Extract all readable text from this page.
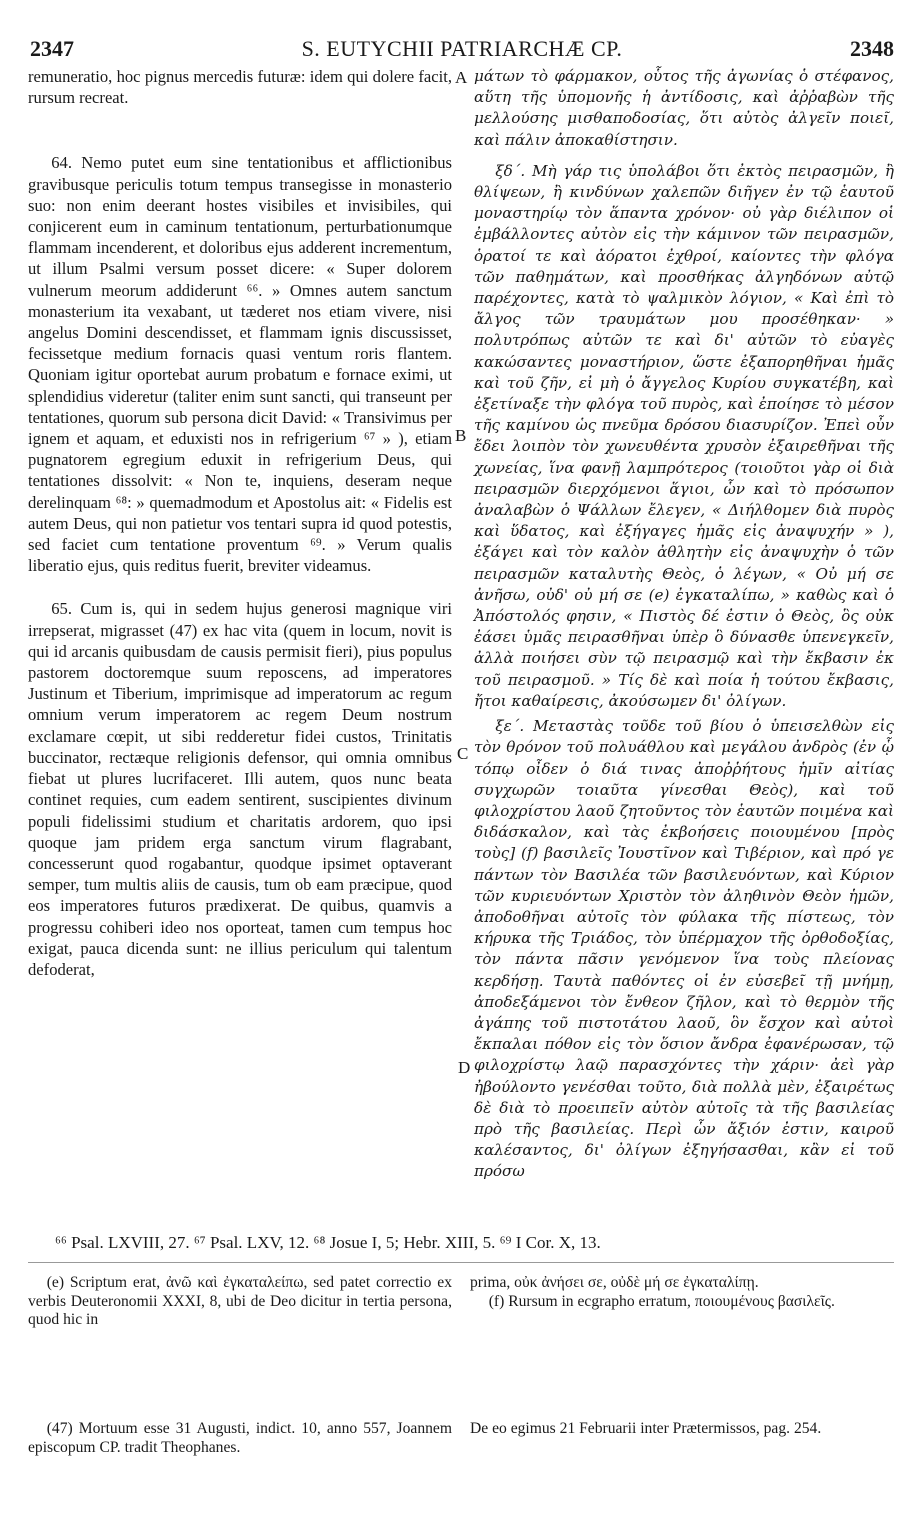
2347	S. EUTYCHII PATRIARCHÆ CP.	2348

remuneratio, hoc pignus mercedis futuræ: idem qui dolere facit, rursum recreat.

64. Nemo putet eum sine tentationibus et afflictionibus gravibusque periculis totum tempus transegisse in monasterio suo: non enim deerant hostes visibiles et invisibiles, qui conjicerent eum in caminum tentationum, perturbationumque flammam incenderent, et doloribus ejus adderent incrementum, ut illum Psalmi versum posset dicere: « Super dolorem vulnerum meorum addiderunt ⁶⁶. » Omnes autem sanctum monasterium ita vexabant, ut tæderet nos etiam vivere, nisi angelus Domini descendisset, et flammam ignis discussisset, fecissetque medium fornacis quasi ventum roris flantem. Quoniam igitur oportebat aurum probatum e fornace eximi, ut splendidius videretur (taliter enim sunt sancti, qui transeunt per tentationes, quorum sub persona dicit David: « Transivimus per ignem et aquam, et eduxisti nos in refrigerium ⁶⁷ » ), etiam pugnatorem egregium eduxit in refrigerium Deus, qui tentationes dissolvit: « Non te, inquiens, deseram neque derelinquam ⁶⁸: » quemadmodum et Apostolus ait: « Fidelis est autem Deus, qui non patietur vos tentari supra id quod potestis, sed faciet cum tentatione proventum ⁶⁹. » Verum qualis liberatio ejus, quis reditus fuerit, breviter videamus.

65. Cum is, qui in sedem hujus generosi magnique viri irrepserat, migrasset (47) ex hac vita (quem in locum, novit is qui id arcanis quibusdam de causis permisit fieri), pius populus pastorem doctoremque suum reposcens, ad imperatores Justinum et Tiberium, imprimisque ad imperatorum ac regum omnium verum imperatorem ac regem Deum nostrum exclamare cœpit, ut sibi redderetur fidei custos, Trinitatis buccinator, rectæque religionis defensor, qui omnia omnibus fiebat ut plures lucrifaceret. Illi autem, quos nunc beata continet requies, cum eadem sentirent, suscipientes divinum populi fidelissimi studium et charitatis ardorem, quo ipsi quoque jam pridem erga sanctum virum flagrabant, concesserunt quod rogabantur, quodque ipsimet optaverant semper, tum multis aliis de causis, tum ob eam præcipue, quod eos imperatores futuros prædixerat. De quibus, quamvis a progressu cohiberi ideo nos oporteat, tamen cum tempus hoc exigat, pauca dicenda sunt: ne illius periculum qui talentum defoderat,

A
B
C
D

μάτων τὸ φάρμακον, οὗτος τῆς ἀγωνίας ὁ στέφανος, αὕτη τῆς ὑπομονῆς ἡ ἀντίδοσις, καὶ ἀῤῥαβὼν τῆς μελλούσης μισθαποδοσίας, ὅτι αὐτὸς ἀλγεῖν ποιεῖ, καὶ πάλιν ἀποκαθίστησιν.

ξδ΄. Μὴ γάρ τις ὑπολάβοι ὅτι ἐκτὸς πειρασμῶν, ἢ θλίψεων, ἢ κινδύνων χαλεπῶν διῆγεν ἐν τῷ ἑαυτοῦ μοναστηρίῳ τὸν ἅπαντα χρόνον· οὐ γὰρ διέλιπον οἱ ἐμβάλλοντες αὐτὸν εἰς τὴν κάμινον τῶν πειρασμῶν, ὁρατοί τε καὶ ἀόρατοι ἐχθροί, καίοντες τὴν φλόγα τῶν παθημάτων, καὶ προσθήκας ἀλγηδόνων αὐτῷ παρέχοντες, κατὰ τὸ ψαλμικὸν λόγιον, « Καὶ ἐπὶ τὸ ἄλγος τῶν τραυμάτων μου προσέθηκαν· » πολυτρόπως αὐτῶν τε καὶ δι' αὐτῶν τὸ εὐαγὲς κακώσαντες μοναστήριον, ὥστε ἐξαπορηθῆναι ἡμᾶς καὶ τοῦ ζῆν, εἰ μὴ ὁ ἄγγελος Κυρίου συγκατέβη, καὶ ἐξετίναξε τὴν φλόγα τοῦ πυρὸς, καὶ ἐποίησε τὸ μέσον τῆς καμίνου ὡς πνεῦμα δρόσου διασυρίζον. Ἐπεὶ οὖν ἔδει λοιπὸν τὸν χωνευθέντα χρυσὸν ἐξαιρεθῆναι τῆς χωνείας, ἵνα φανῇ λαμπρότερος (τοιοῦτοι γὰρ οἱ διὰ πειρασμῶν διερχόμενοι ἅγιοι, ὧν καὶ τὸ πρόσωπον ἀναλαβὼν ὁ Ψάλλων ἔλεγεν, « Διήλθομεν διὰ πυρὸς καὶ ὕδατος, καὶ ἐξήγαγες ἡμᾶς εἰς ἀναψυχήν » ), ἐξάγει καὶ τὸν καλὸν ἀθλητὴν εἰς ἀναψυχὴν ὁ τῶν πειρασμῶν καταλυτὴς Θεὸς, ὁ λέγων, « Οὐ μή σε ἀνῆσω, οὐδ' οὐ μή σε (e) ἐγκαταλίπω, » καθὼς καὶ ὁ Ἀπόστολός φησιν, « Πιστὸς δέ ἐστιν ὁ Θεὸς, ὃς οὐκ ἐάσει ὑμᾶς πειρασθῆναι ὑπὲρ ὃ δύνασθε ὑπενεγκεῖν, ἀλλὰ ποιήσει σὺν τῷ πειρασμῷ καὶ τὴν ἔκβασιν ἐκ τοῦ πειρασμοῦ. » Τίς δὲ καὶ ποία ἡ τούτου ἔκβασις, ἤτοι καθαίρεσις, ἀκούσωμεν δι' ὀλίγων.

ξε΄. Μεταστὰς τοῦδε τοῦ βίου ὁ ὑπεισελθὼν εἰς τὸν θρόνον τοῦ πολυάθλου καὶ μεγάλου ἀνδρὸς (ἐν ᾧ τόπῳ οἶδεν ὁ διά τινας ἀποῤῥήτους ἡμῖν αἰτίας συγχωρῶν τοιαῦτα γίνεσθαι Θεὸς), καὶ τοῦ φιλοχρίστου λαοῦ ζητοῦντος τὸν ἑαυτῶν ποιμένα καὶ διδάσκαλον, καὶ τὰς ἐκβοήσεις ποιουμένου [πρὸς τοὺς] (f) βασιλεῖς Ἰουστῖνον καὶ Τιβέριον, καὶ πρό γε πάντων τὸν Βασιλέα τῶν βασιλευόντων, καὶ Κύριον τῶν κυριευόντων Χριστὸν τὸν ἀληθινὸν Θεὸν ἡμῶν, ἀποδοθῆναι αὐτοῖς τὸν φύλακα τῆς πίστεως, τὸν κήρυκα τῆς Τριάδος, τὸν ὑπέρμαχον τῆς ὀρθοδοξίας, τὸν πάντα πᾶσιν γενόμενον ἵνα τοὺς πλείονας κερδήσῃ. Ταυτὰ παθόντες οἱ ἐν εὐσεβεῖ τῇ μνήμῃ, ἀποδεξάμενοι τὸν ἔνθεον ζῆλον, καὶ τὸ θερμὸν τῆς ἀγάπης τοῦ πιστοτάτου λαοῦ, ὃν ἔσχον καὶ αὐτοὶ ἔκπαλαι πόθον εἰς τὸν ὅσιον ἄνδρα ἐφανέρωσαν, τῷ φιλοχρίστῳ λαῷ παρασχόντες τὴν χάριν· ἀεὶ γὰρ ἠβούλοντο γενέσθαι τοῦτο, διὰ πολλὰ μὲν, ἐξαιρέτως δὲ διὰ τὸ προειπεῖν αὐτὸν αὐτοῖς τὰ τῆς βασιλείας πρὸ τῆς βασιλείας. Περὶ ὧν ἄξιόν ἐστιν, καιροῦ καλέσαντος, δι' ὀλίγων ἐξηγήσασθαι, κἂν εἰ τοῦ πρόσω

⁶⁶ Psal. LXVIII, 27. ⁶⁷ Psal. LXV, 12. ⁶⁸ Josue I, 5; Hebr. XIII, 5. ⁶⁹ I Cor. X, 13.

(e) Scriptum erat, ἀνῶ καὶ ἐγκαταλείπω, sed patet correctio ex verbis Deuteronomii XXXI, 8, ubi de Deo dicitur in tertia persona, quod hic in

prima, οὐκ ἀνήσει σε, οὐδὲ μή σε ἐγκαταλίπῃ.

(f) Rursum in ecgrapho erratum, ποιουμένους βασιλεῖς.

(47) Mortuum esse 31 Augusti, indict. 10, anno 557, Joannem episcopum CP. tradit Theophanes.

De eo egimus 21 Februarii inter Prætermissos, pag. 254.
